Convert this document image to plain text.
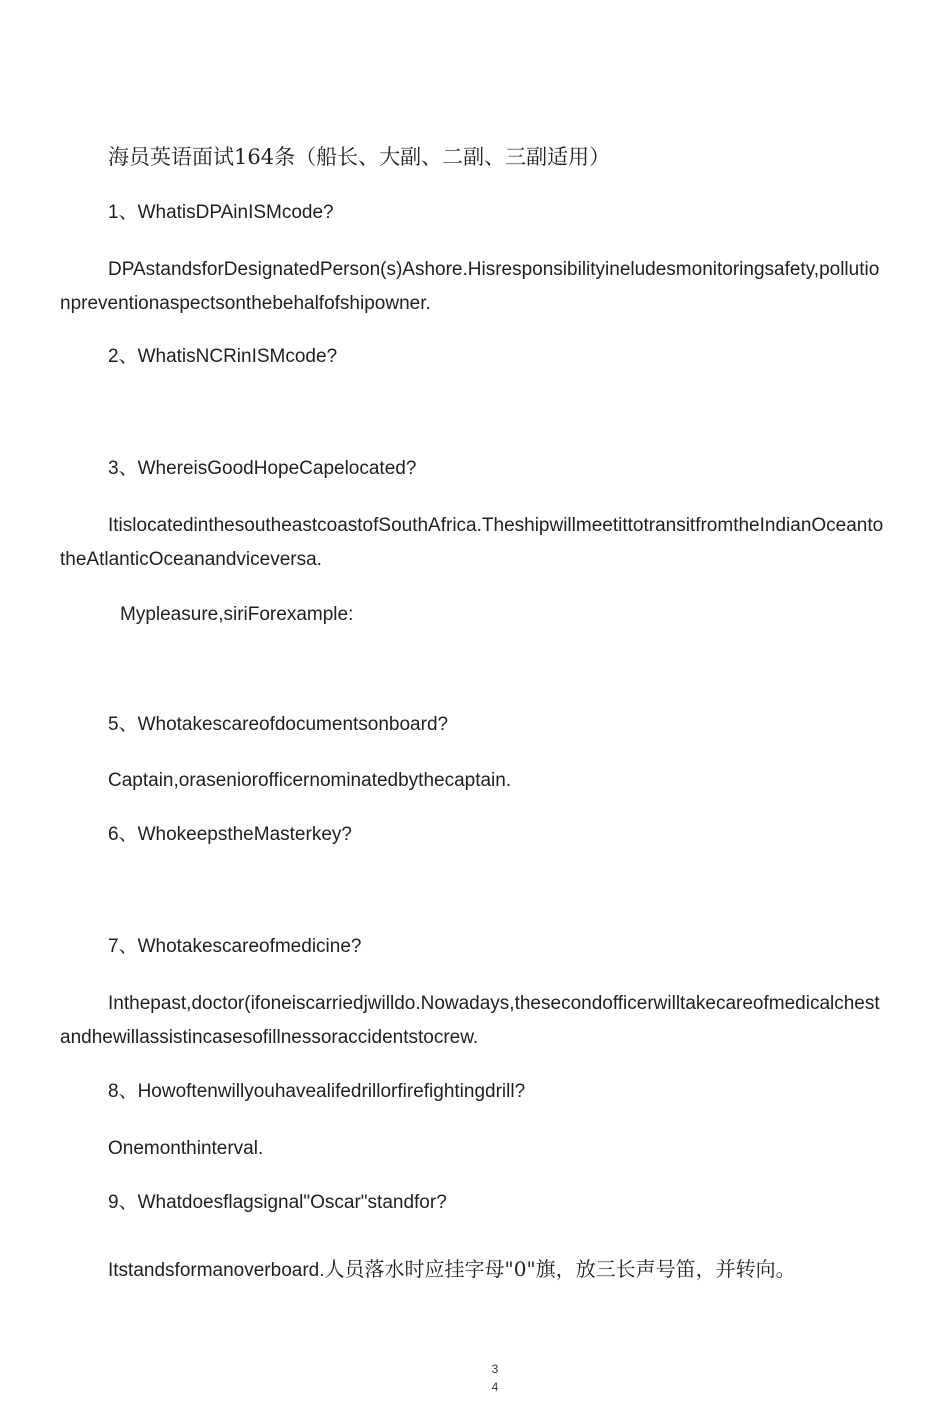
海员英语面试164条（船长、大副、二副、三副适用）
1、WhatisDPAinISMcode?
DPAstandsforDesignatedPerson(s)Ashore.Hisresponsibilityineludesmonitoringsafety,pollutionpreventionaspectsonthebehalfofshipowner.
2、WhatisNCRinISMcode?
3、WhereisGoodHopeCapelocated?
ItislocatedinthesoutheastcoastofSouthAfrica.TheshipwillmeetittotransitfromtheIndianOceantotheAtlanticOceanandviceversa.
Mypleasure,siriForexample:
5、Whotakescareofdocumentsonboard?
Captain,oraseniorofficernominatedbythecaptain.
6、WhokeepstheMasterkey?
7、Whotakescareofmedicine?
Inthepast,doctor(ifoneiscarriedjwilldo.Nowadays,thesecondofficerwilltakecareofmedicalchestandhewillassistincasesofillnessoraccidentstocrew.
8、Howoftenwillyouhavealifedrillorfirefightingdrill?
Onemonthinterval.
9、Whatdoesflagsignal"Oscar"standfor?
Itstandsformanoverboard.人员落水时应挂字母"0"旗，放三长声号笛，并转向。
3
4
